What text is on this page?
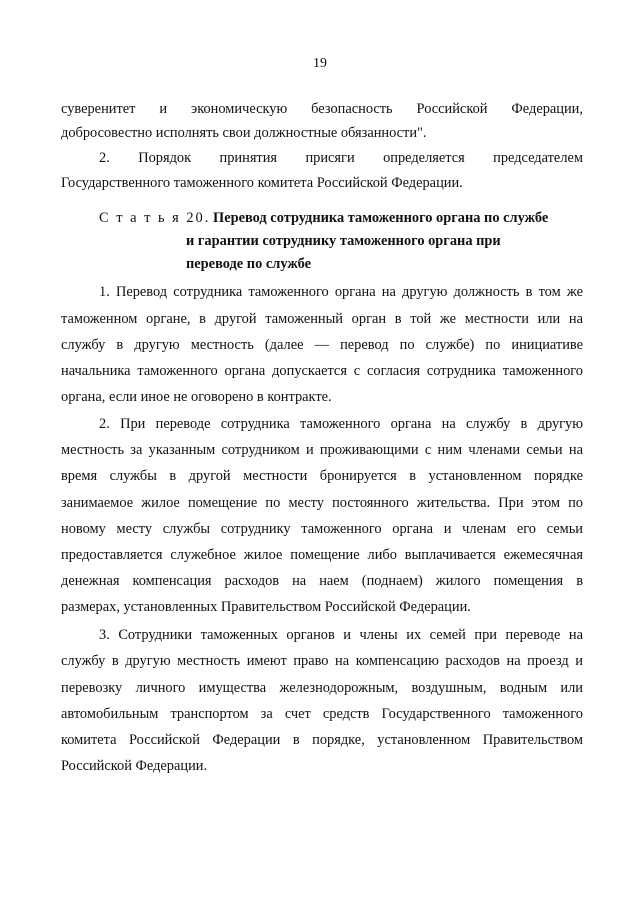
19
суверенитет и экономическую безопасность Российской Федерации,
добросовестно исполнять свои должностные обязанности".
2. Порядок принятия присяги определяется председателем
Государственного таможенного комитета Российской Федерации.
С т а т ь я 20. Перевод сотрудника таможенного органа по службе
и гарантии сотруднику таможенного органа при
переводе по службе
1. Перевод сотрудника таможенного органа на другую должность в том же
таможенном органе, в другой таможенный орган в той же местности или на
службу в другую местность (далее — перевод по службе) по инициативе
начальника таможенного органа допускается с согласия сотрудника таможенного
органа, если иное не оговорено в контракте.
2. При переводе сотрудника таможенного органа на службу в другую
местность за указанным сотрудником и проживающими с ним членами семьи на
время службы в другой местности бронируется в установленном порядке
занимаемое жилое помещение по месту постоянного жительства. При этом по
новому месту службы сотруднику таможенного органа и членам его семьи
предоставляется служебное жилое помещение либо выплачивается ежемесячная
денежная компенсация расходов на наем (поднаем) жилого помещения в
размерах, установленных Правительством Российской Федерации.
3. Сотрудники таможенных органов и члены их семей при переводе на
службу в другую местность имеют право на компенсацию расходов на проезд и
перевозку личного имущества железнодорожным, воздушным, водным или
автомобильным транспортом за счет средств Государственного таможенного
комитета Российской Федерации в порядке, установленном Правительством
Российской Федерации.
